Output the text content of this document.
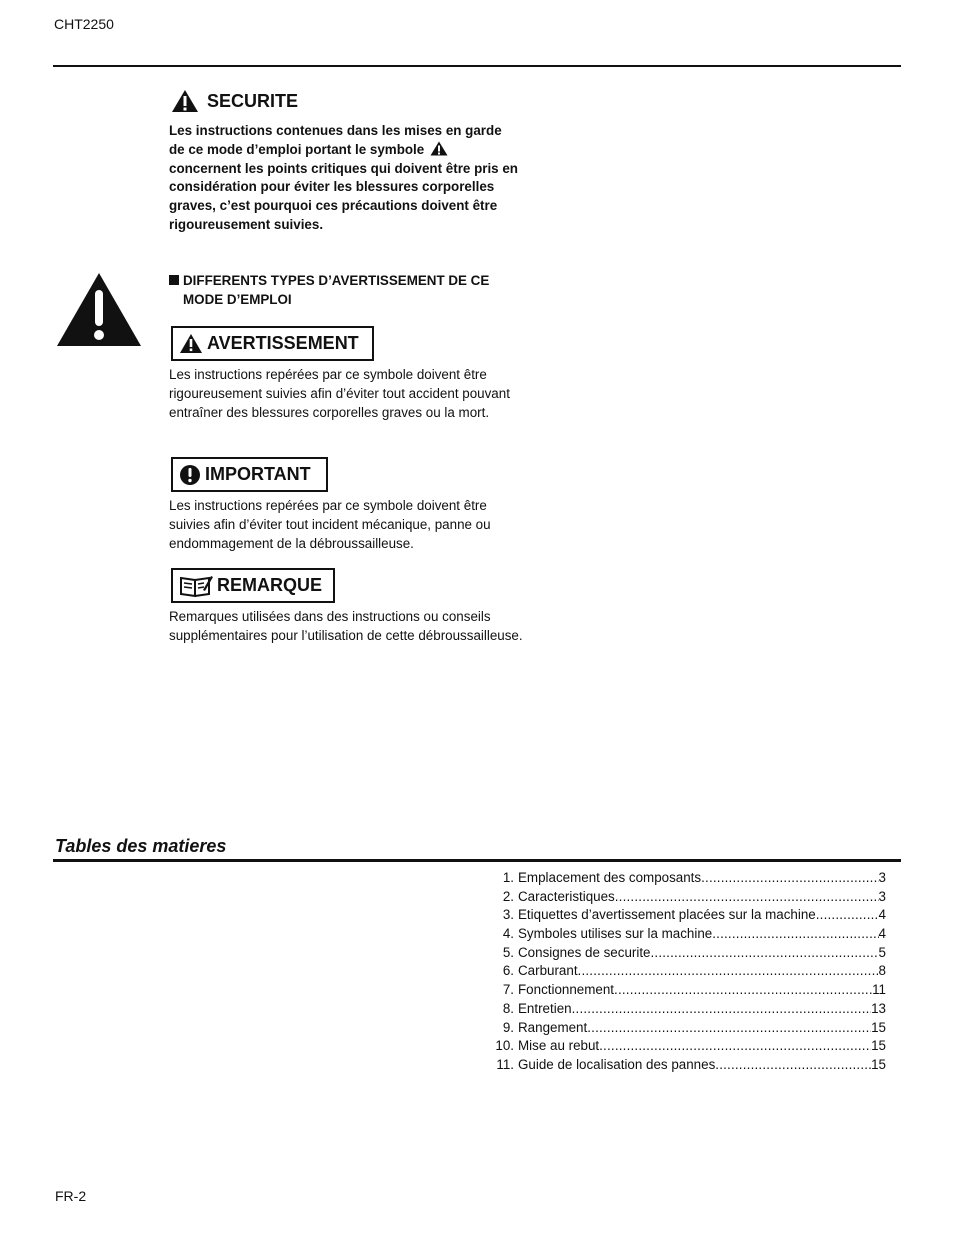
CHT2250
SECURITE
Les instructions contenues dans les mises en garde
de ce mode d’emploi portant le symbole
concernent les points critiques qui doivent être pris en considération pour éviter les blessures corporelles graves, c’est pourquoi ces précautions doivent être rigoureusement suivies.
DIFFERENTS TYPES D’AVERTISSEMENT DE CE
MODE D’EMPLOI
AVERTISSEMENT
Les instructions repérées par ce symbole doivent être rigoureusement suivies afin d’éviter tout accident pouvant entraîner des blessures corporelles graves ou la mort.
IMPORTANT
Les instructions repérées par ce symbole doivent être suivies afin d’éviter tout incident mécanique, panne ou endommagement de la débroussailleuse.
REMARQUE
Remarques utilisées dans des instructions ou conseils supplémentaires pour l’utilisation de cette débroussailleuse.
Tables des matieres
1. Emplacement des composants .....	3
2. Caracteristiques .....	3
3. Etiquettes d’avertissement placées sur la machine .....	4
4. Symboles utilises sur la machine .....	4
5. Consignes de securite .....	5
6. Carburant .....	8
7. Fonctionnement .....	11
8. Entretien .....	13
9. Rangement .....	15
10. Mise au rebut .....	15
11. Guide de localisation des pannes .....	15
FR-2
